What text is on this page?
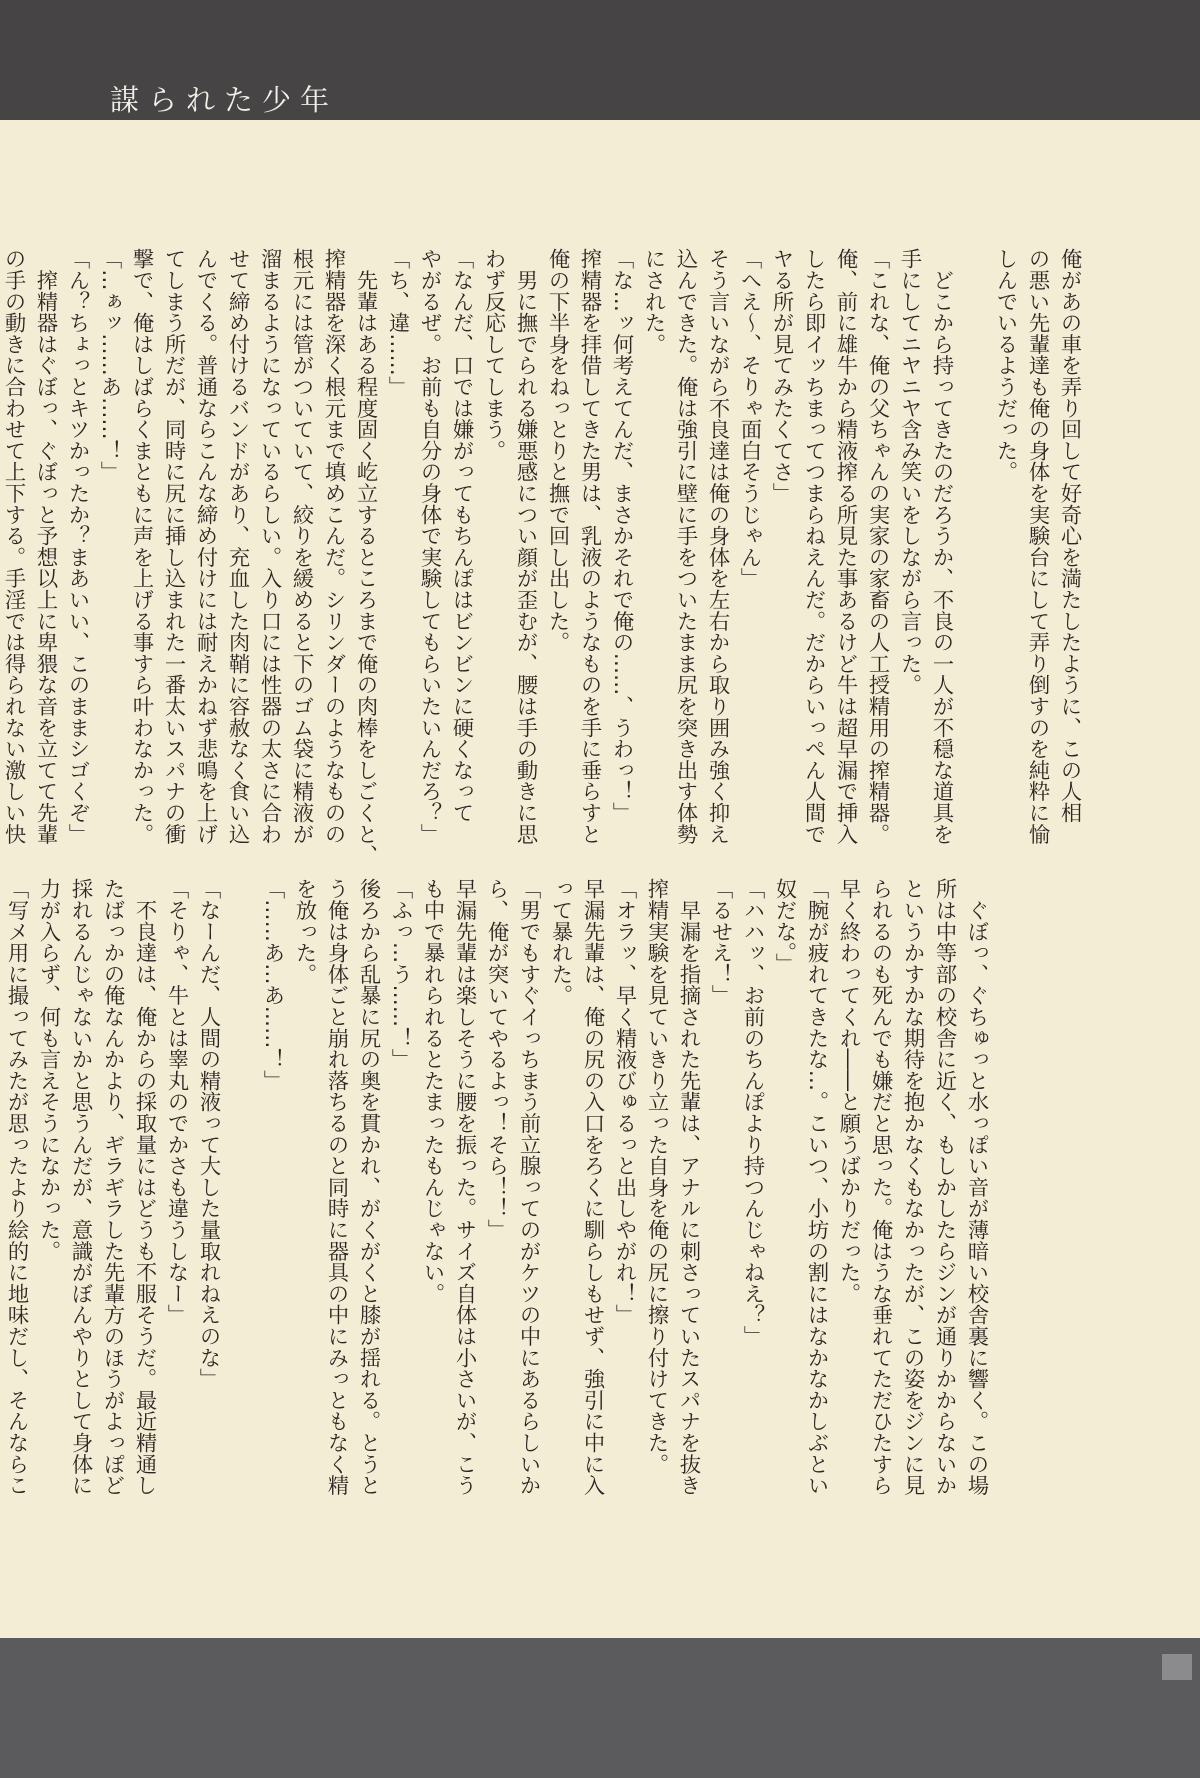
謀られた少年
俺があの車を弄り回して好奇心を満たしたように、この人相
の悪い先輩達も俺の身体を実験台にして弄り倒すのを純粋に愉
しんでいるようだった。

　どこから持ってきたのだろうか、不良の一人が不穏な道具を
手にしてニヤニヤ含み笑いをしながら言った。
「これな、俺の父ちゃんの実家の家畜の人工授精用の搾精器。
俺、前に雄牛から精液搾る所見た事あるけど牛は超早漏で挿入
したら即イッちまってつまらねえんだ。だからいっぺん人間で
ヤる所が見てみたくてさ」
「へえ〜、そりゃ面白そうじゃん」
そう言いながら不良達は俺の身体を左右から取り囲み強く抑え
込んできた。俺は強引に壁に手をついたまま尻を突き出す体勢
にされた。
「な…ッ何考えてんだ、まさかそれで俺の……、うわっ！」
搾精器を拝借してきた男は、乳液のようなものを手に垂らすと
俺の下半身をねっとりと撫で回し出した。
　男に撫でられる嫌悪感につい顔が歪むが、腰は手の動きに思
わず反応してしまう。
「なんだ、口では嫌がってもちんぽはビンビンに硬くなって
やがるぜ。お前も自分の身体で実験してもらいたいんだろ？」
「ち、違……」
　先輩はある程度固く屹立するところまで俺の肉棒をしごくと、
搾精器を深く根元まで填めこんだ。シリンダーのようなものの
根元には管がついていて、絞りを緩めると下のゴム袋に精液が
溜まるようになっているらしい。入り口には性器の太さに合わ
せて締め付けるバンドがあり、充血した肉鞘に容赦なく食い込
んでくる。普通ならこんな締め付けには耐えかねず悲鳴を上げ
てしまう所だが、同時に尻に挿し込まれた一番太いスパナの衝
撃で、俺はしばらくまともに声を上げる事すら叶わなかった。
「…ぁッ……あ……！」
「ん？ちょっとキツかったか？まあいい、このままシゴくぞ」
　搾精器はぐぼっ、ぐぼっと予想以上に卑猥な音を立てて先輩
の手の動きに合わせて上下する。手淫では得られない激しい快
　ぐぼっ、ぐちゅっと水っぽい音が薄暗い校舎裏に響く。この場
所は中等部の校舎に近く、もしかしたらジンが通りかからないか
というかすかな期待を抱かなくもなかったが、この姿をジンに見
られるのも死んでも嫌だと思った。俺はうな垂れてただひたすら
早く終わってくれ――と願うばかりだった。
「腕が疲れてきたな…。こいつ、小坊の割にはなかなかしぶとい
奴だな。」
「ハハッ、お前のちんぽより持つんじゃねえ？」
「るせえ！」
　早漏を指摘された先輩は、アナルに刺さっていたスパナを抜き
搾精実験を見ていきり立った自身を俺の尻に擦り付けてきた。
「オラッ、早く精液びゅるっと出しやがれ！」
早漏先輩は、俺の尻の入口をろくに馴らしもせず、強引に中に入
って暴れた。
「男でもすぐイっちまう前立腺ってのがケツの中にあるらしいか
ら、俺が突いてやるよっ！そら！！」
早漏先輩は楽しそうに腰を振った。サイズ自体は小さいが、こう
も中で暴れられるとたまったもんじゃない。
「ふっ…う……！」
後ろから乱暴に尻の奥を貫かれ、がくがくと膝が揺れる。とうと
う俺は身体ごと崩れ落ちるのと同時に器具の中にみっともなく精
を放った。
「……あ…あ……！」

「なーんだ、人間の精液って大した量取れねえのな」
「そりゃ、牛とは睾丸のでかさも違うしなー」
　不良達は、俺からの採取量にはどうも不服そうだ。最近精通し
たばっかの俺なんかより、ギラギラした先輩方のほうがよっぽど
採れるんじゃないかと思うんだが、意識がぼんやりとして身体に
力が入らず、何も言えそうになかった。
「写メ用に撮ってみたが思ったより絵的に地味だし、そんならこ
